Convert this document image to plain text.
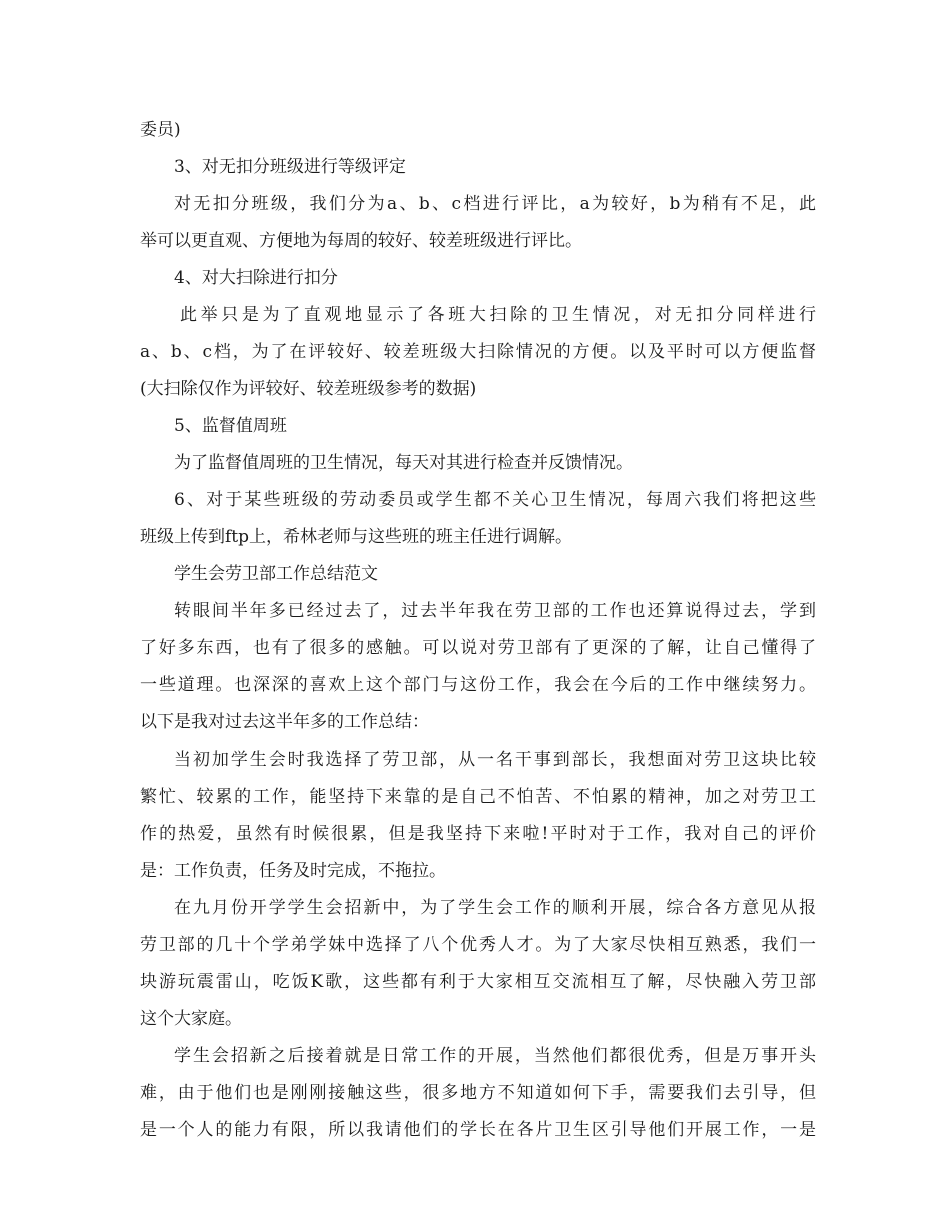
委员)

3、对无扣分班级进行等级评定

对无扣分班级，我们分为a、b、c档进行评比，a为较好，b为稍有不足，此

举可以更直观、方便地为每周的较好、较差班级进行评比。

4、对大扫除进行扣分

此举只是为了直观地显示了各班大扫除的卫生情况，对无扣分同样进行

a、b、c档，为了在评较好、较差班级大扫除情况的方便。以及平时可以方便监督

(大扫除仅作为评较好、较差班级参考的数据)

5、监督值周班

为了监督值周班的卫生情况，每天对其进行检查并反馈情况。

6、对于某些班级的劳动委员或学生都不关心卫生情况，每周六我们将把这些

班级上传到ftp上，希林老师与这些班的班主任进行调解。

学生会劳卫部工作总结范文

转眼间半年多已经过去了，过去半年我在劳卫部的工作也还算说得过去，学到

了好多东西，也有了很多的感触。可以说对劳卫部有了更深的了解，让自己懂得了

一些道理。也深深的喜欢上这个部门与这份工作，我会在今后的工作中继续努力。

以下是我对过去这半年多的工作总结：

当初加学生会时我选择了劳卫部，从一名干事到部长，我想面对劳卫这块比较

繁忙、较累的工作，能坚持下来靠的是自己不怕苦、不怕累的精神，加之对劳卫工

作的热爱，虽然有时候很累，但是我坚持下来啦!平时对于工作，我对自己的评价

是：工作负责，任务及时完成，不拖拉。

在九月份开学学生会招新中，为了学生会工作的顺利开展，综合各方意见从报

劳卫部的几十个学弟学妹中选择了八个优秀人才。为了大家尽快相互熟悉，我们一

块游玩震雷山，吃饭K歌，这些都有利于大家相互交流相互了解，尽快融入劳卫部

这个大家庭。

学生会招新之后接着就是日常工作的开展，当然他们都很优秀，但是万事开头

难，由于他们也是刚刚接触这些，很多地方不知道如何下手，需要我们去引导，但

是一个人的能力有限，所以我请他们的学长在各片卫生区引导他们开展工作，一是
